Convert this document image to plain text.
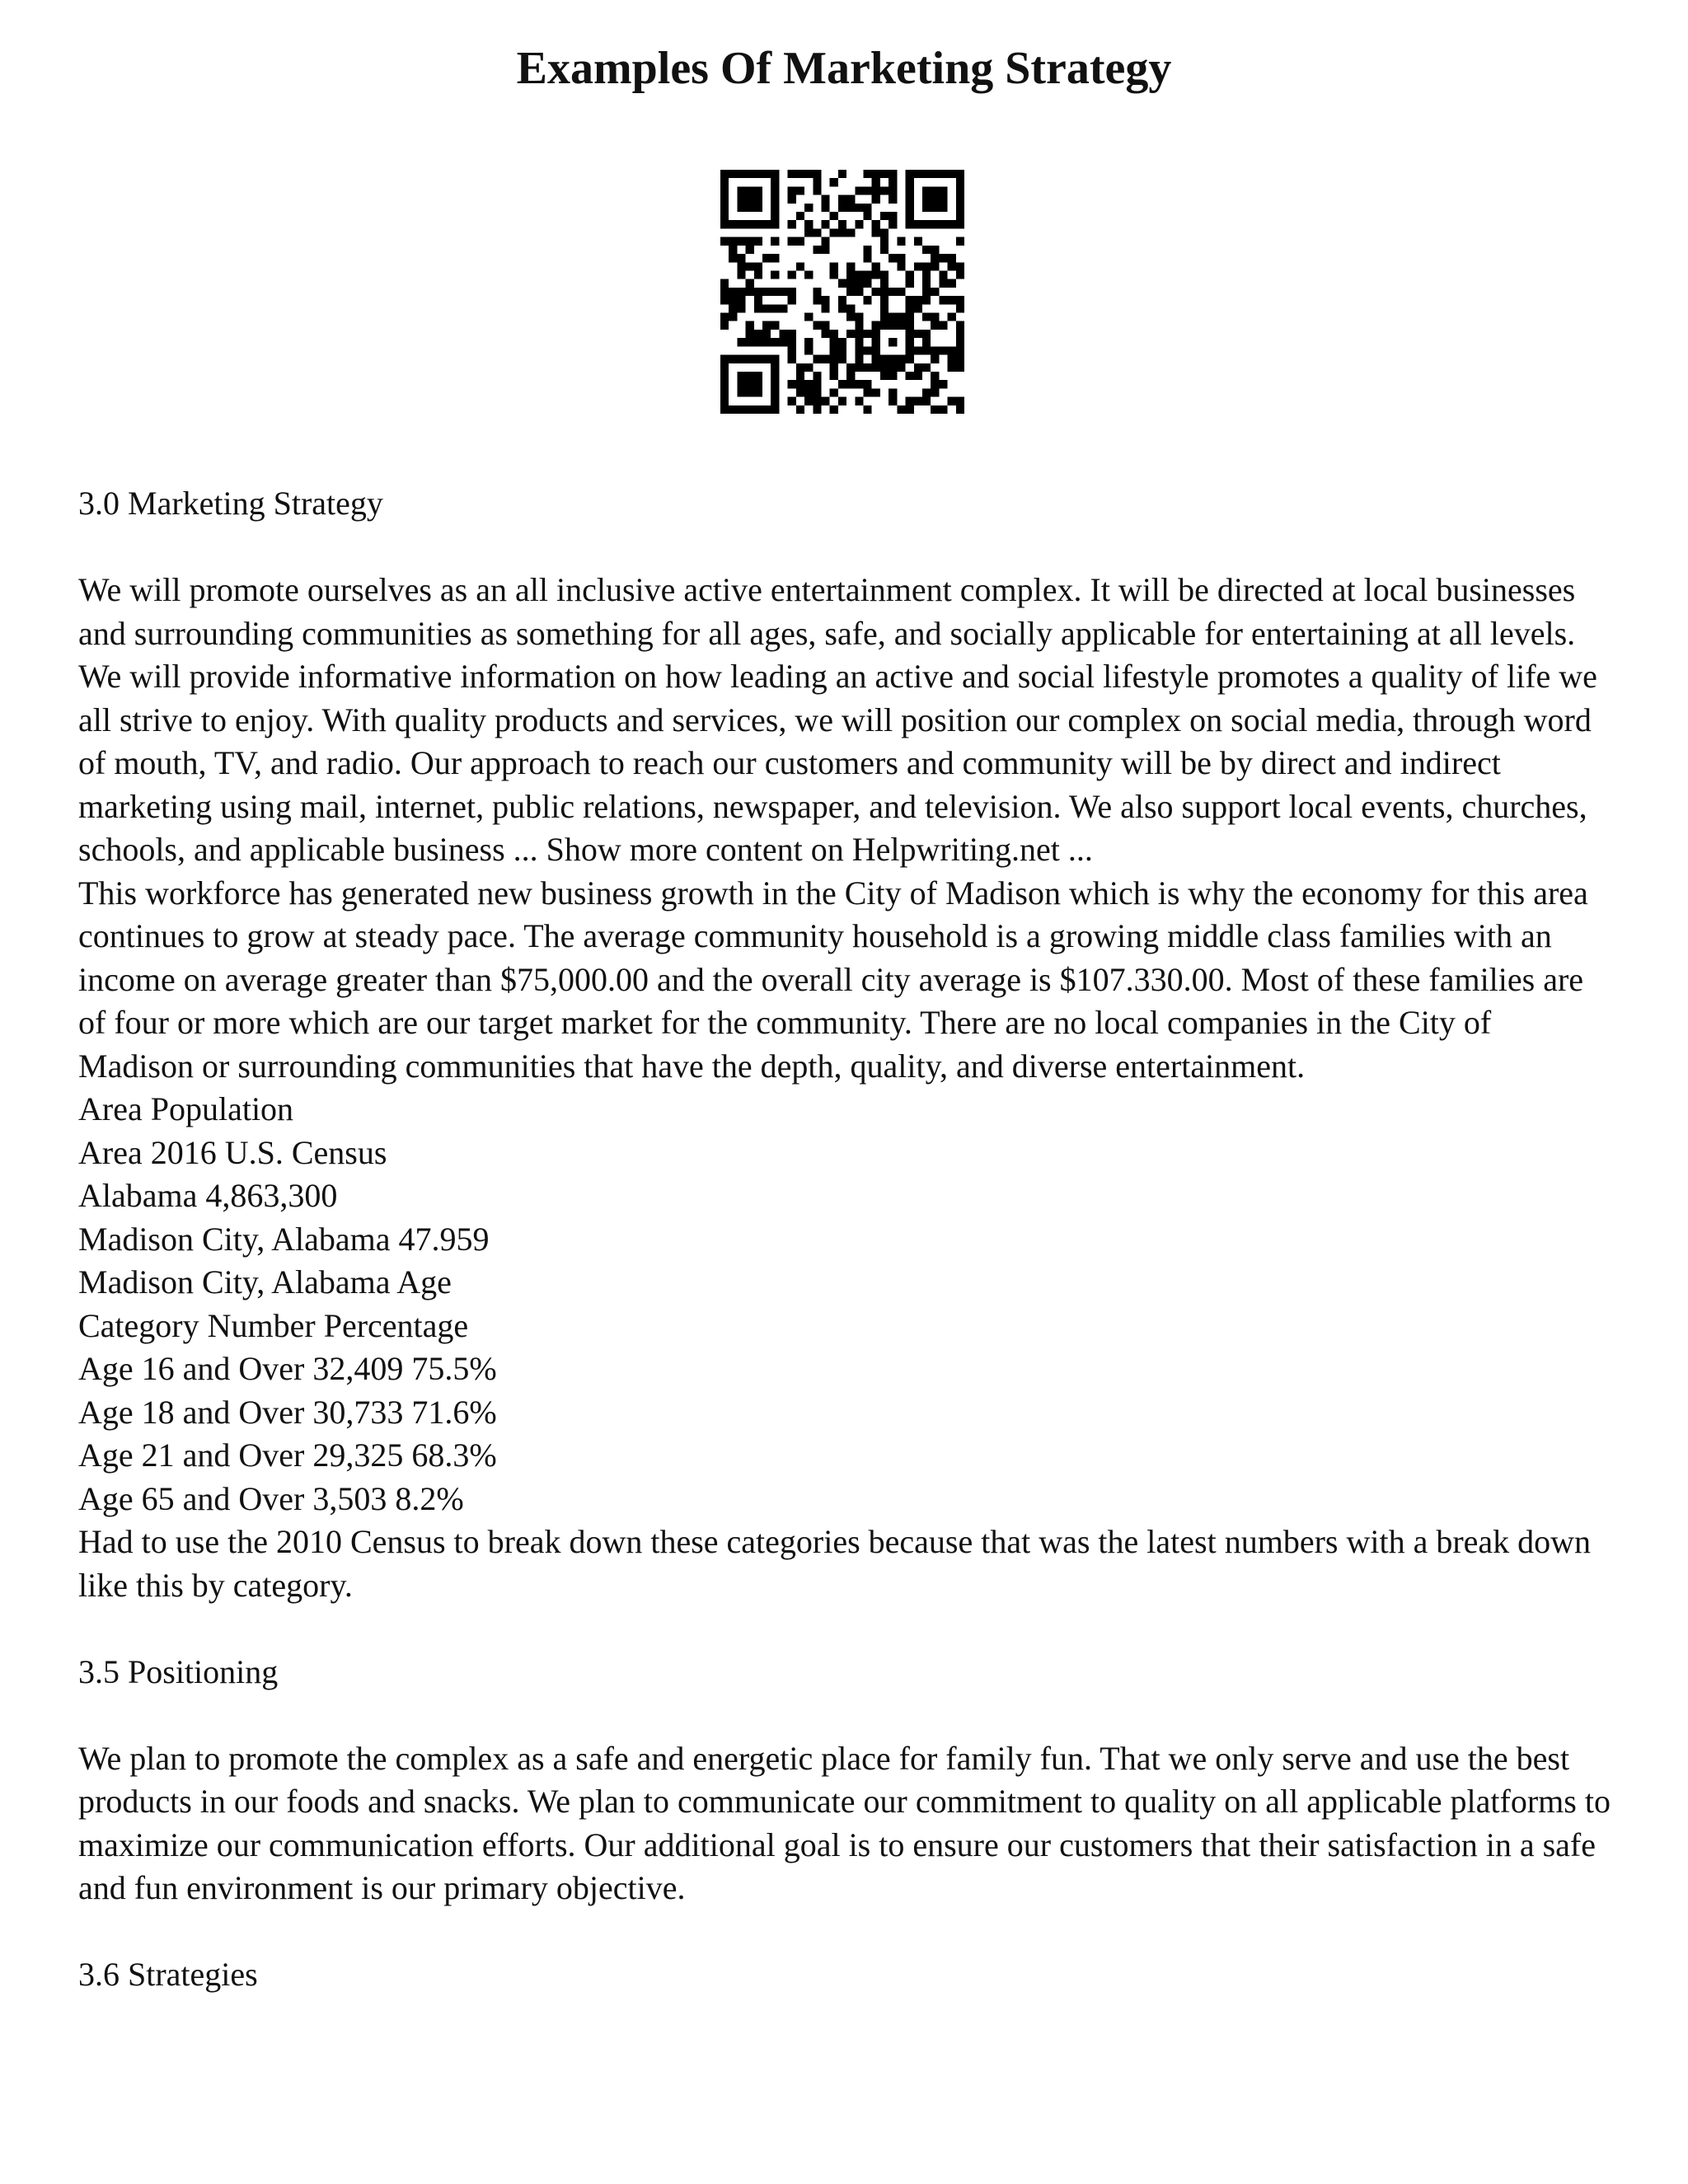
Examples Of Marketing Strategy
3.0 Marketing Strategy

We will promote ourselves as an all inclusive active entertainment complex. It will be directed at local businesses and surrounding communities as something for all ages, safe, and socially applicable for entertaining at all levels. We will provide informative information on how leading an active and social lifestyle promotes a quality of life we all strive to enjoy. With quality products and services, we will position our complex on social media, through word of mouth, TV, and radio. Our approach to reach our customers and community will be by direct and indirect marketing using mail, internet, public relations, newspaper, and television. We also support local events, churches, schools, and applicable business ... Show more content on Helpwriting.net ...

This workforce has generated new business growth in the City of Madison which is why the economy for this area continues to grow at steady pace. The average community household is a growing middle class families with an income on average greater than $75,000.00 and the overall city average is $107.330.00. Most of these families are of four or more which are our target market for the community. There are no local companies in the City of Madison or surrounding communities that have the depth, quality, and diverse entertainment.

Area Population
Area 2016 U.S. Census
Alabama 4,863,300
Madison City, Alabama 47.959
Madison City, Alabama Age
Category Number Percentage
Age 16 and Over 32,409 75.5%
Age 18 and Over 30,733 71.6%
Age 21 and Over 29,325 68.3%
Age 65 and Over 3,503 8.2%

Had to use the 2010 Census to break down these categories because that was the latest numbers with a break down like this by category.

3.5 Positioning

We plan to promote the complex as a safe and energetic place for family fun. That we only serve and use the best products in our foods and snacks. We plan to communicate our commitment to quality on all applicable platforms to maximize our communication efforts. Our additional goal is to ensure our customers that their satisfaction in a safe and fun environment is our primary objective.

3.6 Strategies
